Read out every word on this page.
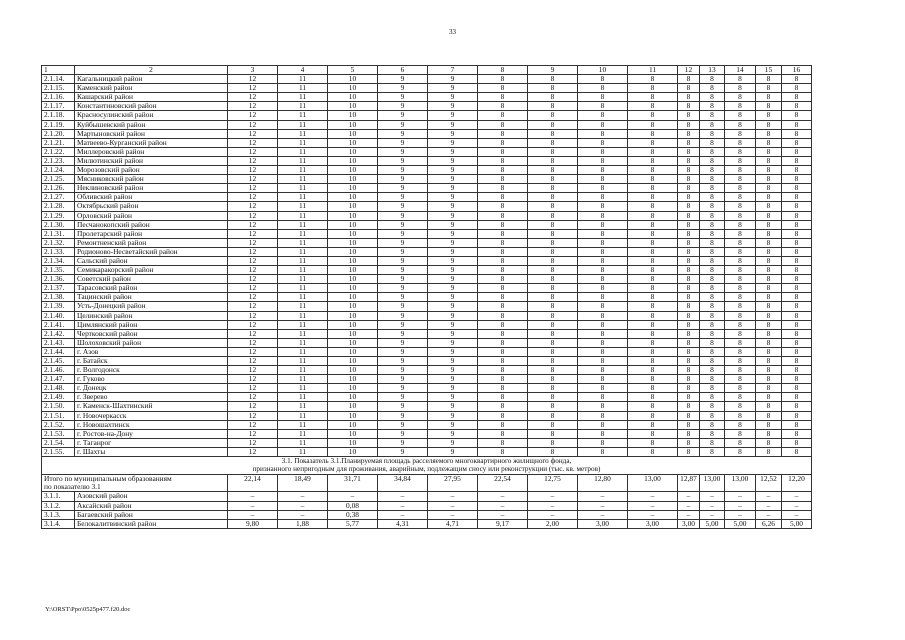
33
1	2	3	4	5	6	7	8	9	10	11	12	13	14	15	16
2.1.14.	Кагальницкий район	12	11	10	9	9	8	8	8	8	8	8	8	8	8
2.1.15.	Каменский район	12	11	10	9	9	8	8	8	8	8	8	8	8	8
2.1.16.	Кашарский район	12	11	10	9	9	8	8	8	8	8	8	8	8	8
2.1.17.	Константиновский район	12	11	10	9	9	8	8	8	8	8	8	8	8	8
2.1.18.	Красносулинский район	12	11	10	9	9	8	8	8	8	8	8	8	8	8
2.1.19.	Куйбышевский район	12	11	10	9	9	8	8	8	8	8	8	8	8	8
2.1.20.	Мартыновский район	12	11	10	9	9	8	8	8	8	8	8	8	8	8
2.1.21.	Матвеево-Курганский район	12	11	10	9	9	8	8	8	8	8	8	8	8	8
2.1.22.	Миллеровский район	12	11	10	9	9	8	8	8	8	8	8	8	8	8
2.1.23.	Милютинский район	12	11	10	9	9	8	8	8	8	8	8	8	8	8
2.1.24.	Морозовский район	12	11	10	9	9	8	8	8	8	8	8	8	8	8
2.1.25.	Мясниковский район	12	11	10	9	9	8	8	8	8	8	8	8	8	8
2.1.26.	Неклиновский район	12	11	10	9	9	8	8	8	8	8	8	8	8	8
2.1.27.	Обливский район	12	11	10	9	9	8	8	8	8	8	8	8	8	8
2.1.28.	Октябрьский район	12	11	10	9	9	8	8	8	8	8	8	8	8	8
2.1.29.	Орловский район	12	11	10	9	9	8	8	8	8	8	8	8	8	8
2.1.30.	Песчанокопский район	12	11	10	9	9	8	8	8	8	8	8	8	8	8
2.1.31.	Пролетарский район	12	11	10	9	9	8	8	8	8	8	8	8	8	8
2.1.32.	Ремонтненский район	12	11	10	9	9	8	8	8	8	8	8	8	8	8
2.1.33.	Родионово-Несветайский район	12	11	10	9	9	8	8	8	8	8	8	8	8	8
2.1.34.	Сальский район	12	11	10	9	9	8	8	8	8	8	8	8	8	8
2.1.35.	Семикаракорский район	12	11	10	9	9	8	8	8	8	8	8	8	8	8
2.1.36.	Советский район	12	11	10	9	9	8	8	8	8	8	8	8	8	8
2.1.37.	Тарасовский район	12	11	10	9	9	8	8	8	8	8	8	8	8	8
2.1.38.	Тацинский район	12	11	10	9	9	8	8	8	8	8	8	8	8	8
2.1.39.	Усть-Донецкий район	12	11	10	9	9	8	8	8	8	8	8	8	8	8
2.1.40.	Целинский район	12	11	10	9	9	8	8	8	8	8	8	8	8	8
2.1.41.	Цимлянский район	12	11	10	9	9	8	8	8	8	8	8	8	8	8
2.1.42.	Чертковский район	12	11	10	9	9	8	8	8	8	8	8	8	8	8
2.1.43.	Шолоховский район	12	11	10	9	9	8	8	8	8	8	8	8	8	8
2.1.44.	г. Азов	12	11	10	9	9	8	8	8	8	8	8	8	8	8
2.1.45.	г. Батайск	12	11	10	9	9	8	8	8	8	8	8	8	8	8
2.1.46.	г. Волгодонск	12	11	10	9	9	8	8	8	8	8	8	8	8	8
2.1.47.	г. Гуково	12	11	10	9	9	8	8	8	8	8	8	8	8	8
2.1.48.	г. Донецк	12	11	10	9	9	8	8	8	8	8	8	8	8	8
2.1.49.	г. Зверево	12	11	10	9	9	8	8	8	8	8	8	8	8	8
2.1.50.	г. Каменск-Шахтинский	12	11	10	9	9	8	8	8	8	8	8	8	8	8
2.1.51.	г. Новочеркасск	12	11	10	9	9	8	8	8	8	8	8	8	8	8
2.1.52.	г. Новошахтинск	12	11	10	9	9	8	8	8	8	8	8	8	8	8
2.1.53.	г. Ростов-на-Дону	12	11	10	9	9	8	8	8	8	8	8	8	8	8
2.1.54.	г. Таганрог	12	11	10	9	9	8	8	8	8	8	8	8	8	8
2.1.55.	г. Шахты	12	11	10	9	9	8	8	8	8	8	8	8	8	8
3.1. Показатель 3.1.Планируемая площадь расселяемого многоквартирного жилищного фонда,															
признанного непригодным для проживания, аварийным, подлежащим сносу или реконструкции (тыс. кв. метров)															

Итого по муниципальным образованиям
по показателю 3.1		22,14	18,49	31,71	34,84	27,95	22,54	12,75	12,80	13,00	12,87	13,00	13,00	12,52	12,20
3.1.1.	Азовский район	–	–	–	–	–	–	–	–	–	–	–	–	–	–
3.1.2.	Аксайский район	–	–	0,08	–	–	–	–	–	–	–	–	–	–	–
3.1.3.	Багаевский район	–	–	0,38	–	–	–	–	–	–	–	–	–	–	–
3.1.4.	Белокалитвинский район	9,80	1,88	5,77	4,31	4,71	9,17	2,00	3,00	3,00	3,00	5,00	5,00	6,26	5,00
Y:\ORST\Ppo\0525p477.f20.doc
